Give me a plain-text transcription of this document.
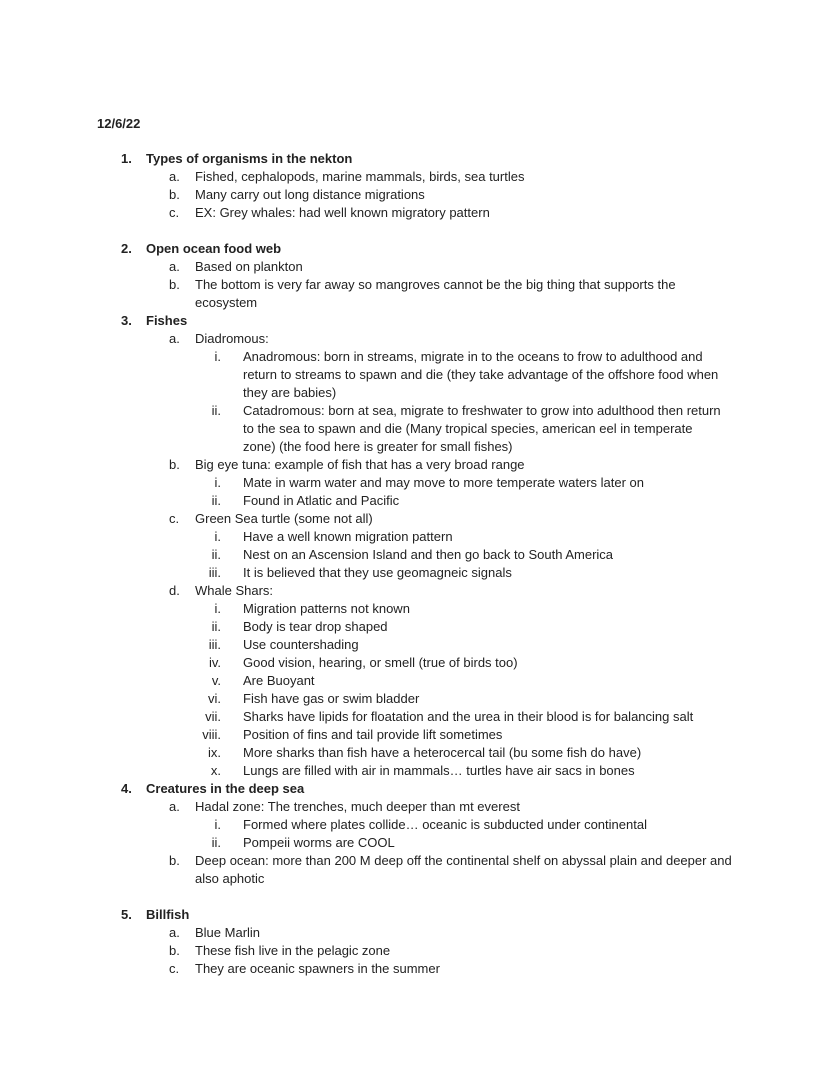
12/6/22
1. Types of organisms in the nekton
a.	Fished, cephalopods, marine mammals, birds, sea turtles
b.	Many carry out long distance migrations
c.	EX: Grey whales: had well known migratory pattern
2. Open ocean food web
a.	Based on plankton
b.	The bottom is very far away so mangroves cannot be the big thing that supports the ecosystem
3. Fishes
a.	Diadromous:
i. Anadromous: born in streams, migrate in to the oceans to frow to adulthood and return to streams to spawn and die (they take advantage of the offshore food when they are babies)
ii. Catadromous: born at sea, migrate to freshwater to grow into adulthood then return to the sea to spawn and die (Many tropical species, american eel in temperate zone) (the food here is greater for small fishes)
b.	Big eye tuna: example of fish that has a very broad range
i. Mate in warm water and may move to more temperate waters later on
ii. Found in Atlatic and Pacific
c.	Green Sea turtle (some not all)
i. Have a well known migration pattern
ii. Nest on an Ascension Island and then go back to South America
iii. It is believed that they use geomagneic signals
d.	Whale Shars:
i. Migration patterns not known
ii. Body is tear drop shaped
iii. Use countershading
iv. Good vision, hearing, or smell (true of birds too)
v. Are Buoyant
vi. Fish have gas or swim bladder
vii. Sharks have lipids for floatation and the urea in their blood is for balancing salt
viii. Position of fins and tail provide lift sometimes
ix. More sharks than fish have a heterocercal tail (bu some fish do have)
x. Lungs are filled with air in mammals… turtles have air sacs in bones
4. Creatures in the deep sea
a.	Hadal zone: The trenches, much deeper than mt everest
i. Formed where plates collide… oceanic is subducted under continental
ii. Pompeii worms are COOL
b.	Deep ocean: more than 200 M deep off the continental shelf on abyssal plain and deeper and also aphotic
5. Billfish
a.	Blue Marlin
b.	These fish live in the pelagic zone
c.	They are oceanic spawners in the summer
